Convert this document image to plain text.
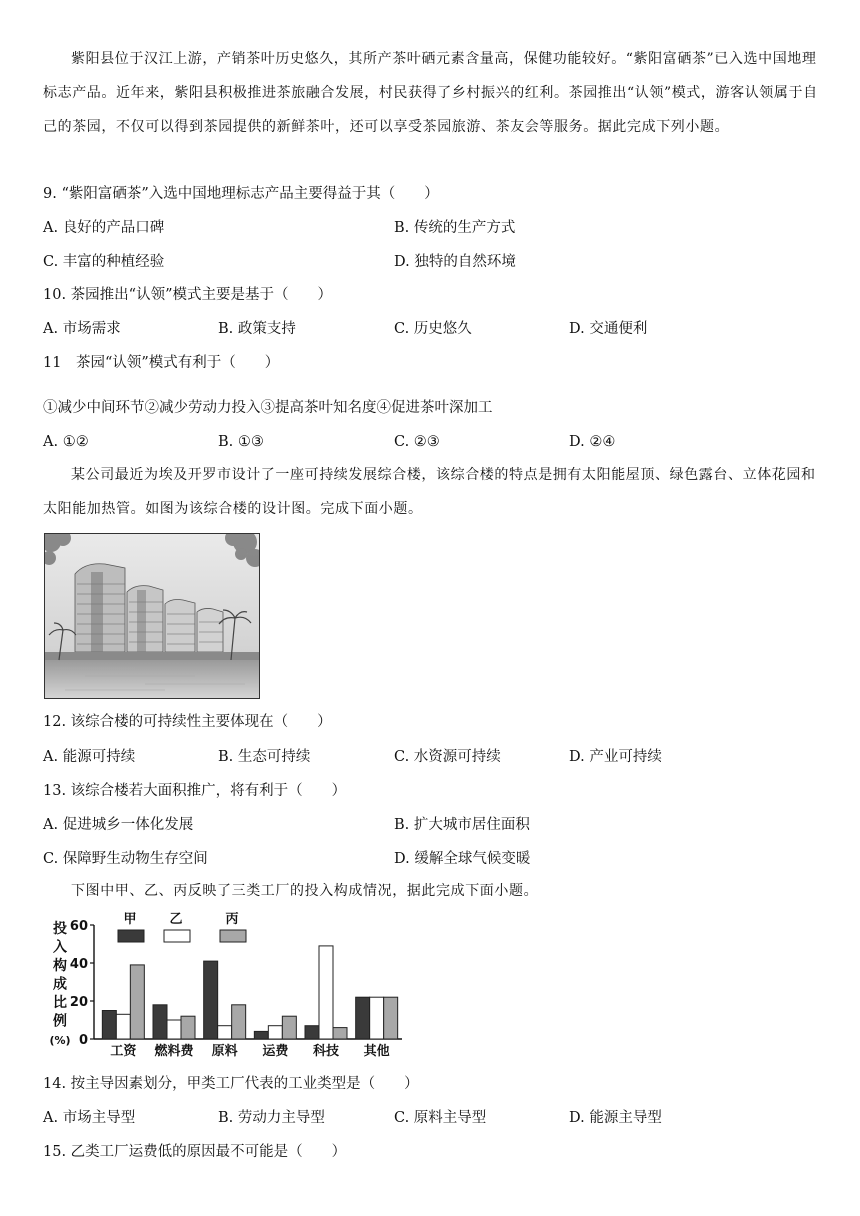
紫阳县位于汉江上游，产销茶叶历史悠久，其所产茶叶硒元素含量高，保健功能较好。“紫阳富硒茶”已入选中国地理标志产品。近年来，紫阳县积极推进茶旅融合发展，村民获得了乡村振兴的红利。茶园推出“认领”模式，游客认领属于自己的茶园，不仅可以得到茶园提供的新鲜茶叶，还可以享受茶园旅游、茶友会等服务。据此完成下列小题。
9. “紫阳富硒茶”入选中国地理标志产品主要得益于其（　　）
A. 良好的产品口碑	B. 传统的生产方式
C. 丰富的种植经验	D. 独特的自然环境
10. 茶园推出“认领”模式主要是基于（　　）
A. 市场需求	B. 政策支持	C. 历史悠久	D. 交通便利
11　茶园“认领”模式有利于（　　）
①减少中间环节②减少劳动力投入③提高茶叶知名度④促进茶叶深加工
A. ①②	B. ①③	C. ②③	D. ②④
某公司最近为埃及开罗市设计了一座可持续发展综合楼，该综合楼的特点是拥有太阳能屋顶、绿色露台、立体花园和太阳能加热管。如图为该综合楼的设计图。完成下面小题。
12. 该综合楼的可持续性主要体现在（　　）
A. 能源可持续	B. 生态可持续	C. 水资源可持续	D. 产业可持续
13. 该综合楼若大面积推广，将有利于（　　）
A. 促进城乡一体化发展	B. 扩大城市居住面积
C. 保障野生动物生存空间	D. 缓解全球气候变暖
下图中甲、乙、丙反映了三类工厂的投入构成情况，据此完成下面小题。
投
入
构
成
比
例
(%) 0
20
40
60	甲	乙	丙
工资 燃料费 原料 运费 科技 其他
14. 按主导因素划分，甲类工厂代表的工业类型是（　　）
A. 市场主导型	B. 劳动力主导型	C. 原料主导型	D. 能源主导型
15. 乙类工厂运费低的原因最不可能是（　　）
